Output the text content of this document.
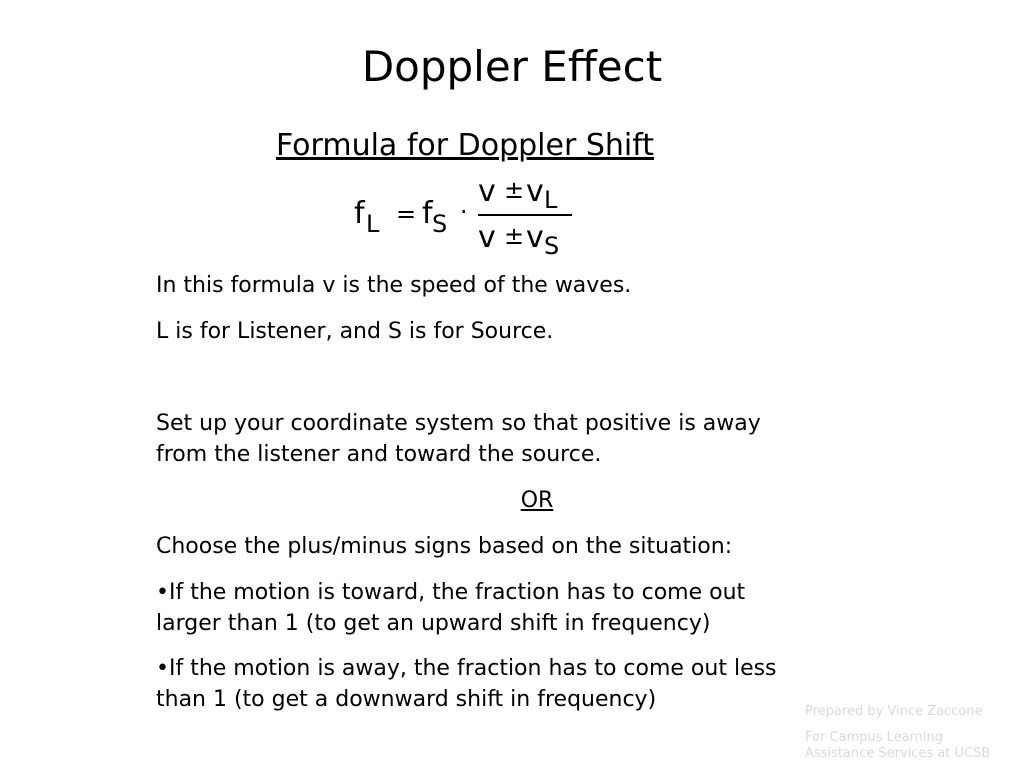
Doppler Effect
Formula for Doppler Shift
f L = f S ·
v ± v L
v ± v S
In this formula v is the speed of the waves.
L is for Listener, and S is for Source.
Set up your coordinate system so that positive is away
from the listener and toward the source.
OR
Choose the plus/minus signs based on the situation:
•If the motion is toward, the fraction has to come out
larger than 1 (to get an upward shift in frequency)
•If the motion is away, the fraction has to come out less
than 1 (to get a downward shift in frequency)	Prepared by Vince Zaccone
For Campus Learning
Assistance Services at UCSB
